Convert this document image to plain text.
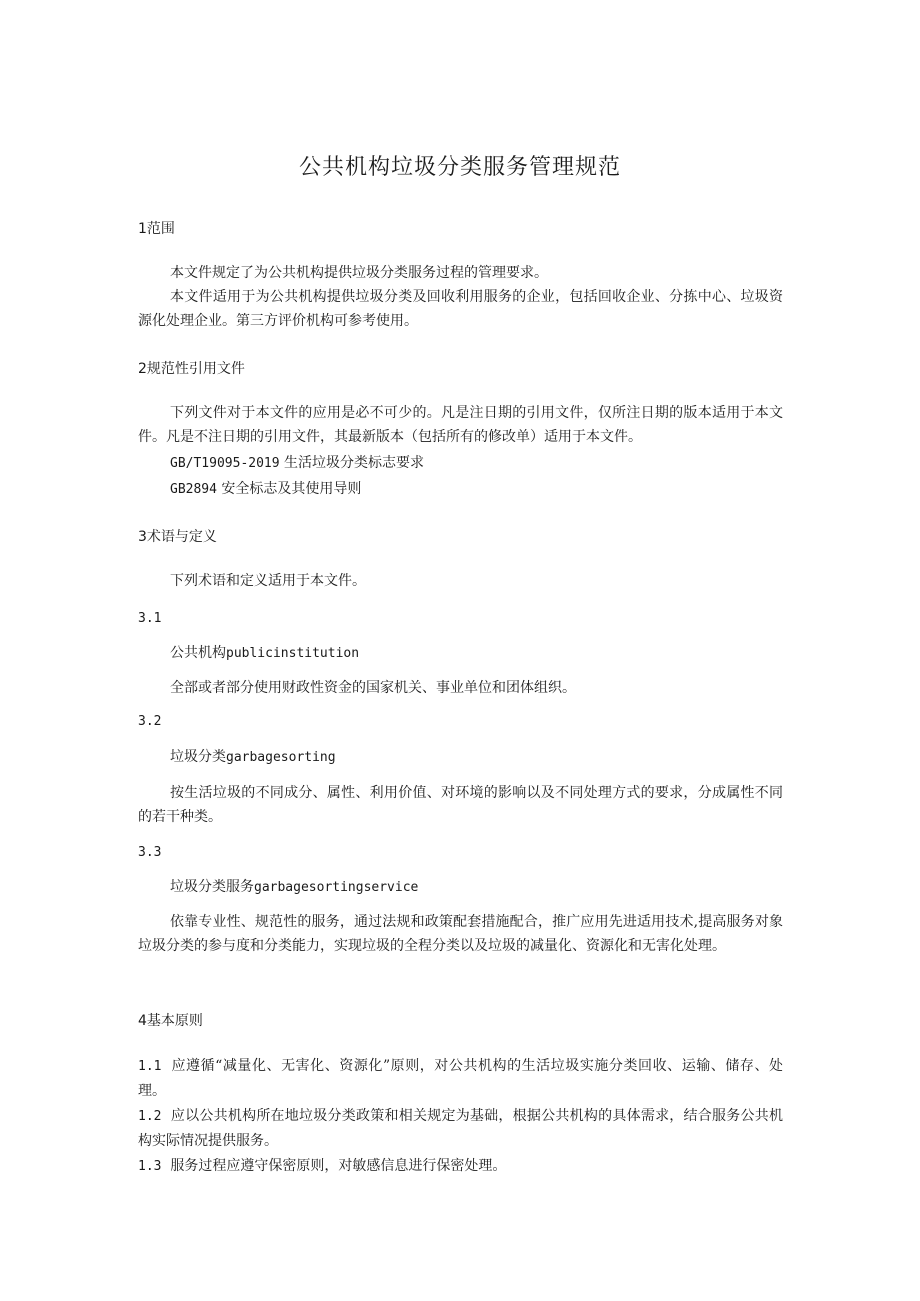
公共机构垃圾分类服务管理规范
1范围
本文件规定了为公共机构提供垃圾分类服务过程的管理要求。
本文件适用于为公共机构提供垃圾分类及回收利用服务的企业，包括回收企业、分拣中心、垃圾资源化处理企业。第三方评价机构可参考使用。
2规范性引用文件
下列文件对于本文件的应用是必不可少的。凡是注日期的引用文件，仅所注日期的版本适用于本文件。凡是不注日期的引用文件，其最新版本（包括所有的修改单）适用于本文件。
GB/T19095-2019 生活垃圾分类标志要求
GB2894 安全标志及其使用导则
3术语与定义
下列术语和定义适用于本文件。
3.1
公共机构publicinstitution
全部或者部分使用财政性资金的国家机关、事业单位和团体组织。
3.2
垃圾分类garbagesorting
按生活垃圾的不同成分、属性、利用价值、对环境的影响以及不同处理方式的要求，分成属性不同的若干种类。
3.3
垃圾分类服务garbagesortingservice
依靠专业性、规范性的服务，通过法规和政策配套措施配合，推广应用先进适用技术,提高服务对象垃圾分类的参与度和分类能力，实现垃圾的全程分类以及垃圾的减量化、资源化和无害化处理。
4基本原则
1.1 应遵循“减量化、无害化、资源化”原则，对公共机构的生活垃圾实施分类回收、运输、储存、处理。
1.2 应以公共机构所在地垃圾分类政策和相关规定为基础，根据公共机构的具体需求，结合服务公共机构实际情况提供服务。
1.3 服务过程应遵守保密原则，对敏感信息进行保密处理。
